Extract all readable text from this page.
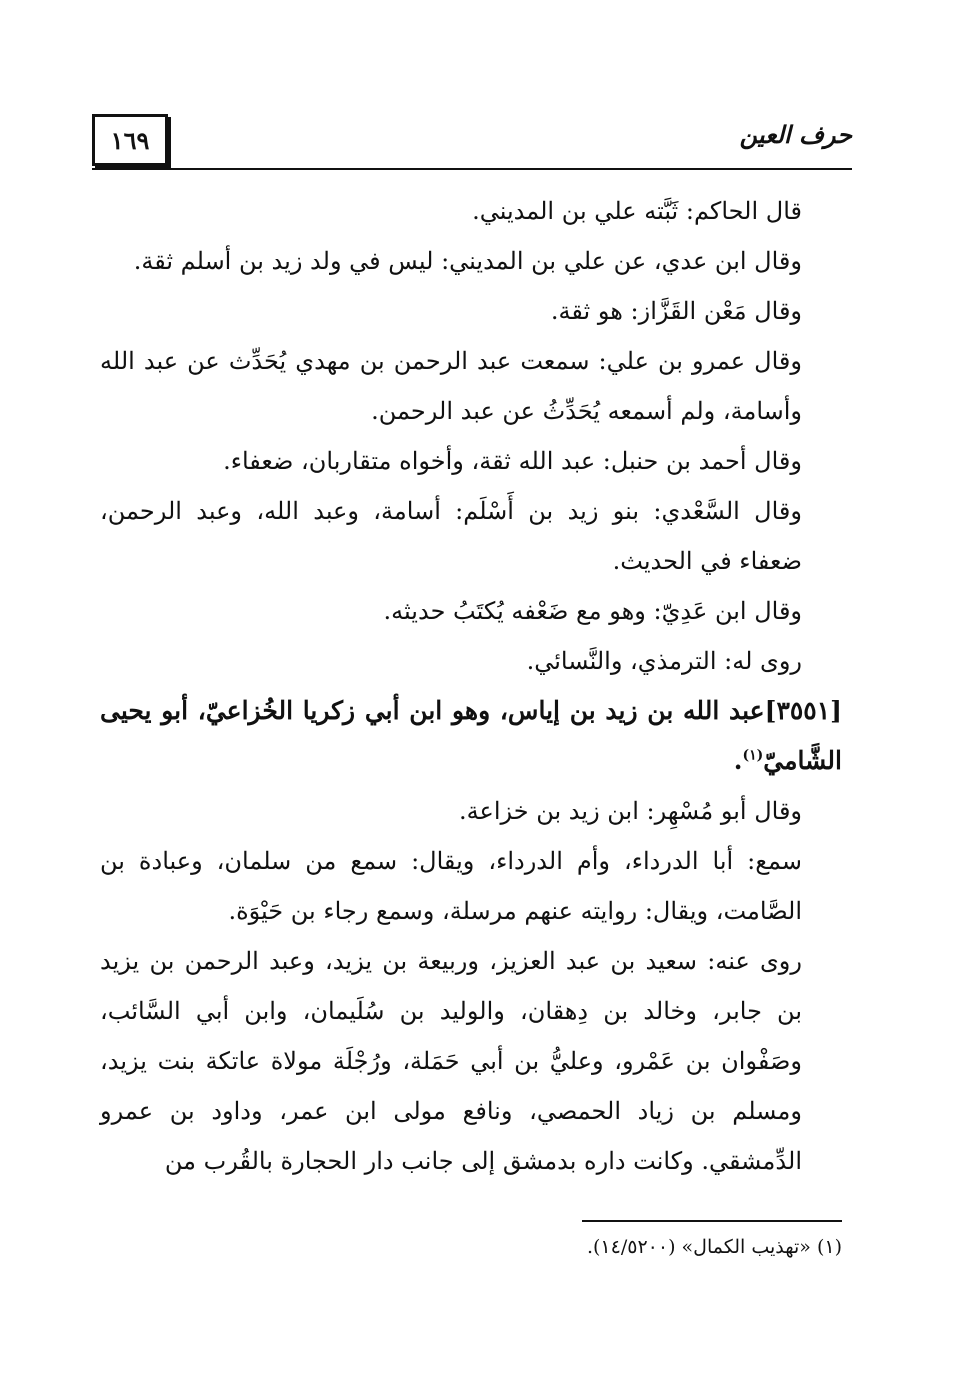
١٦٩	حرف العين

قال الحاكم: ثَبَّته علي بن المديني.

وقال ابن عدي، عن علي بن المديني: ليس في ولد زيد بن أسلم ثقة.

وقال مَعْن القَزَّاز: هو ثقة.

وقال عمرو بن علي: سمعت عبد الرحمن بن مهدي يُحَدِّث عن عبد الله وأسامة، ولم أسمعه يُحَدِّثُ عن عبد الرحمن.

وقال أحمد بن حنبل: عبد الله ثقة، وأخواه متقاربان، ضعفاء.

وقال السَّعْدي: بنو زيد بن أَسْلَم: أسامة، وعبد الله، وعبد الرحمن، ضعفاء في الحديث.

وقال ابن عَدِيّ: وهو مع ضَعْفه يُكتَبُ حديثه.

روى له: الترمذي، والنَّسائي.

[٣٥٥١]عبد الله بن زيد بن إياس، وهو ابن أبي زكريا الخُزاعيّ، أبو يحيى الشَّاميّ$^{(١)}$.

وقال أبو مُسْهِر: ابن زيد بن خزاعة.

سمع: أبا الدرداء، وأم الدرداء، ويقال: سمع من سلمان، وعبادة بن الصَّامت، ويقال: روايته عنهم مرسلة، وسمع رجاء بن حَيْوَة.

روى عنه: سعيد بن عبد العزيز، وربيعة بن يزيد، وعبد الرحمن بن يزيد بن جابر، وخالد بن دِهقان، والوليد بن سُلَيمان، وابن أبي السَّائب، وصَفْوان بن عَمْرو، وعليُّ بن أبي حَمَلة، ورُجْلَة مولاة عاتكة بنت يزيد، ومسلم بن زياد الحمصي، ونافع مولى ابن عمر، وداود بن عمرو الدِّمشقي. وكانت داره بدمشق إلى جانب دار الحجارة بالقُرب من

(١) «تهذيب الكمال» (١٤/٥٢٠٠).
